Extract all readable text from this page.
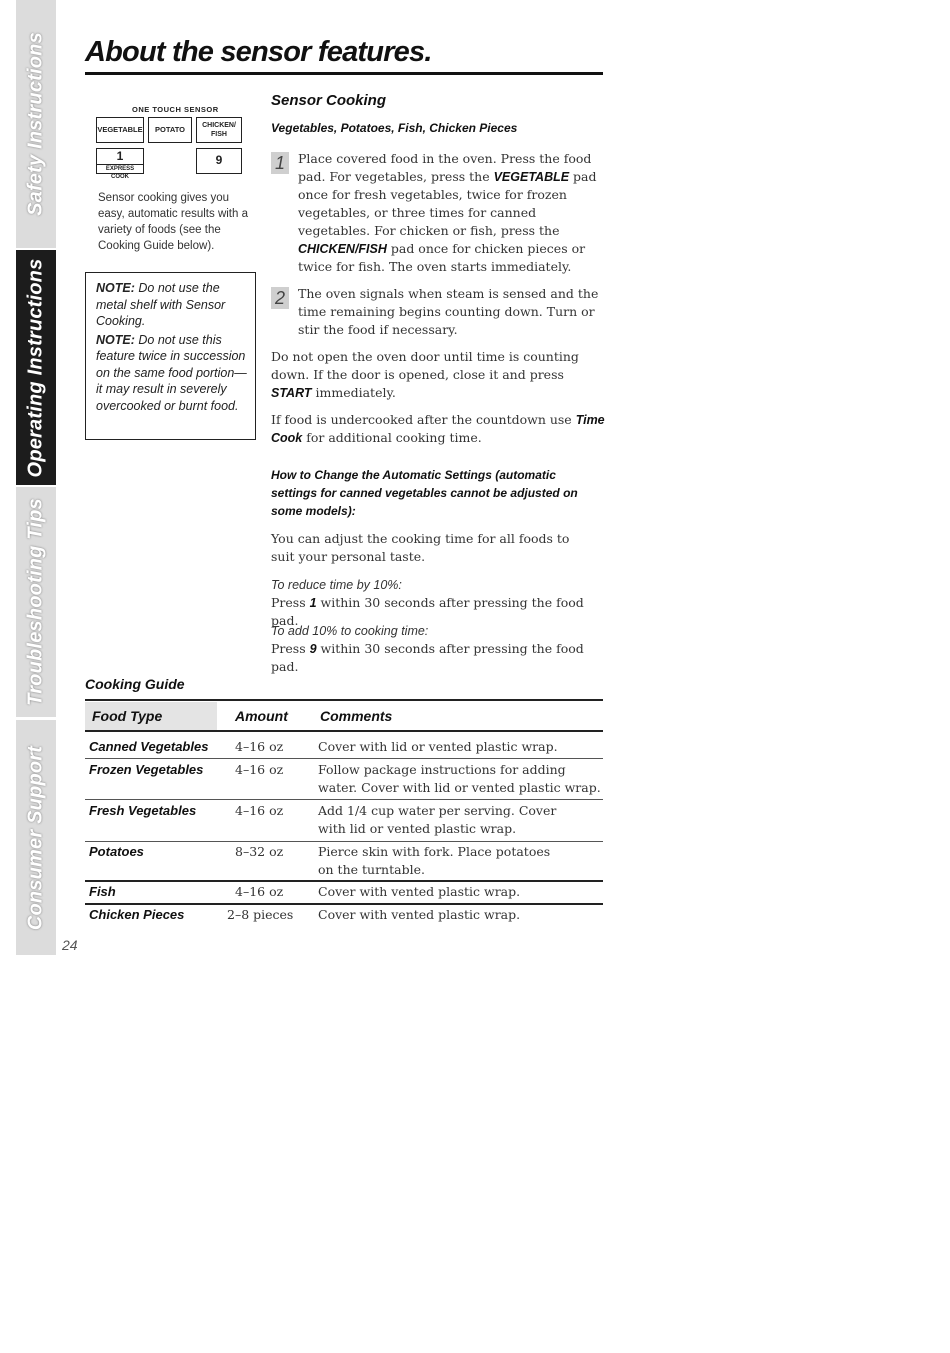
Safety Instructions
Operating Instructions
Troubleshooting Tips
Consumer Support
24
About the sensor features.
ONE TOUCH SENSOR
VEGETABLE	POTATO	CHICKEN/ FISH
1
EXPRESS COOK
9
Sensor cooking gives you easy, automatic results with a variety of foods (see the Cooking Guide below).

NOTE: Do not use the metal shelf with Sensor Cooking.

NOTE: Do not use this feature twice in succession on the same food portion— it may result in severely overcooked or burnt food.

Sensor Cooking
Vegetables, Potatoes, Fish, Chicken Pieces
1	Place covered food in the oven. Press the food pad. For vegetables, press the VEGETABLE pad once for fresh vegetables, twice for frozen vegetables, or three times for canned vegetables. For chicken or fish, press the CHICKEN/FISH pad once for chicken pieces or twice for fish. The oven starts immediately.
2	The oven signals when steam is sensed and the time remaining begins counting down. Turn or stir the food if necessary.
Do not open the oven door until time is counting down. If the door is opened, close it and press START immediately.
If food is undercooked after the countdown use Time Cook for additional cooking time.
How to Change the Automatic Settings (automatic settings for canned vegetables cannot be adjusted on some models):
You can adjust the cooking time for all foods to suit your personal taste.
To reduce time by 10%:
Press 1 within 30 seconds after pressing the food pad.
To add 10% to cooking time:
Press 9 within 30 seconds after pressing the food pad.
Cooking Guide
Food Type	Amount Comments
Canned Vegetables 4–16 oz	Cover with lid or vented plastic wrap.
Frozen Vegetables	4–16 oz	Follow package instructions for adding water. Cover with lid or vented plastic wrap.
Fresh Vegetables	4–16 oz	Add 1/4 cup water per serving. Cover with lid or vented plastic wrap.
Potatoes	8–32 oz	Pierce skin with fork. Place potatoes on the turntable.
Fish	4–16 oz	Cover with vented plastic wrap.
Chicken Pieces	2–8 pieces Cover with vented plastic wrap.
